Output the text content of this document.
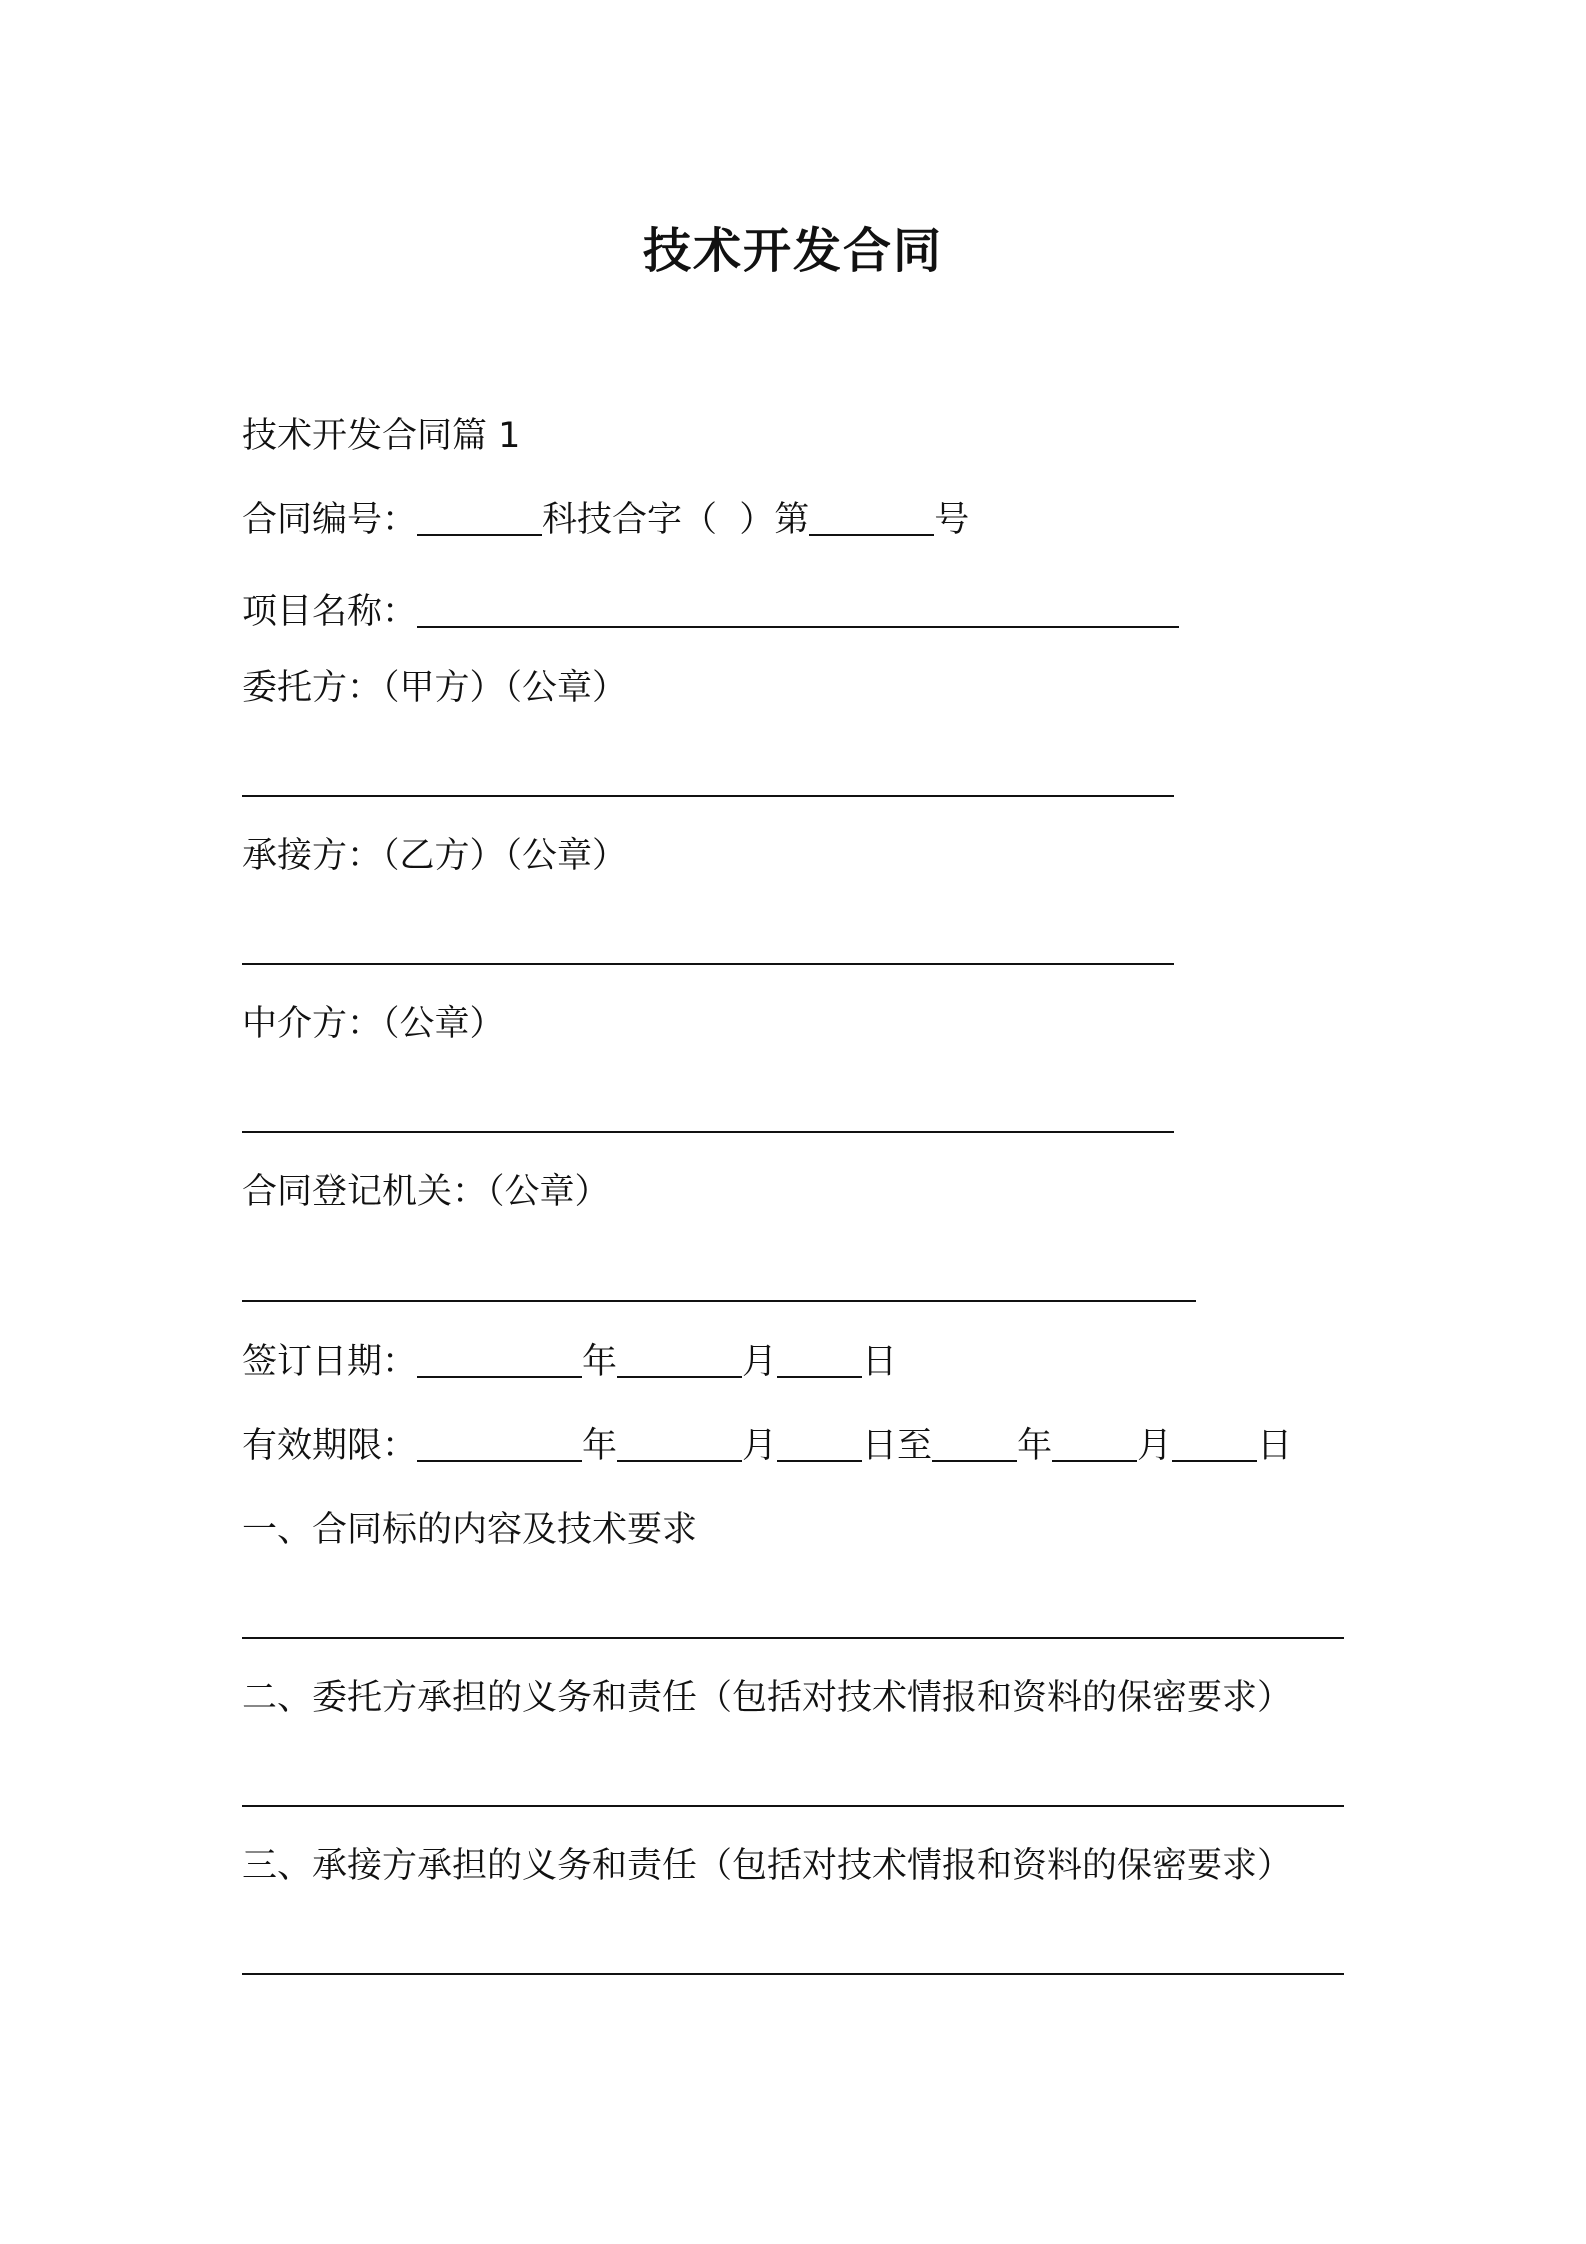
技术开发合同
技术开发合同篇 1
合同编号：	科技合字（  ）第	号
项目名称：
委托方：（甲方）（公章）
承接方：（乙方）（公章）
中介方：（公章）
合同登记机关：（公章）
签订日期：	年	月 日
有效期限：	年	月 日至 年 月 日
一、合同标的内容及技术要求
二、委托方承担的义务和责任（包括对技术情报和资料的保密要求）
三、承接方承担的义务和责任（包括对技术情报和资料的保密要求）
